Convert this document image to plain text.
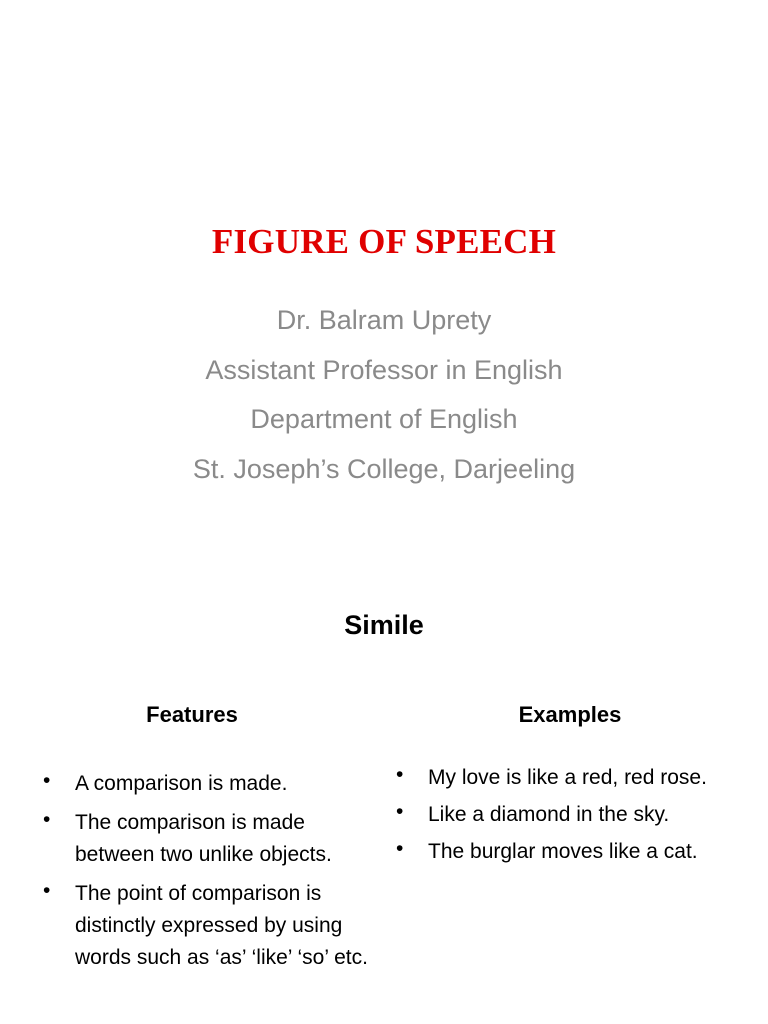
FIGURE OF SPEECH
Dr. Balram Uprety
Assistant Professor in English
Department of English
St. Joseph’s College, Darjeeling
Simile
Features	Examples
• A comparison is made.
• The comparison is made between two unlike objects.
• The point of comparison is distinctly expressed by using words such as ‘as’ ‘like’ ‘so’ etc.
• My love is like a red, red rose.
• Like a diamond in the sky.
• The burglar moves like a cat.
